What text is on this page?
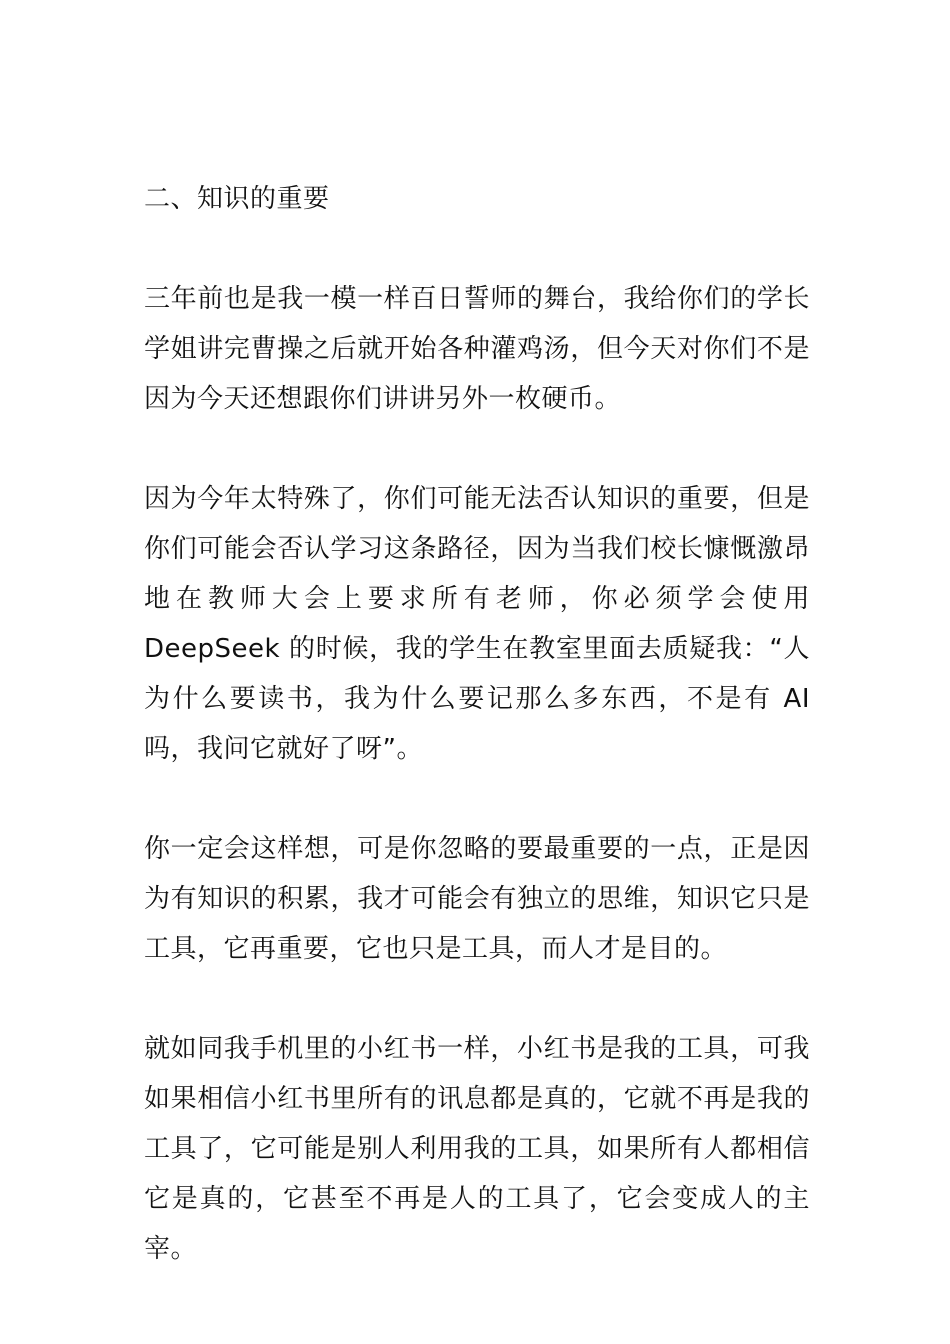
二、知识的重要

三年前也是我一模一样百日誓师的舞台，我给你们的学长学姐讲完曹操之后就开始各种灌鸡汤，但今天对你们不是因为今天还想跟你们讲讲另外一枚硬币。

因为今年太特殊了，你们可能无法否认知识的重要，但是你们可能会否认学习这条路径，因为当我们校长慷慨激昂地在教师大会上要求所有老师，你必须学会使用 DeepSeek 的时候，我的学生在教室里面去质疑我：“人为什么要读书，我为什么要记那么多东西，不是有 AI 吗，我问它就好了呀”。

你一定会这样想，可是你忽略的要最重要的一点，正是因为有知识的积累，我才可能会有独立的思维，知识它只是工具，它再重要，它也只是工具，而人才是目的。

就如同我手机里的小红书一样，小红书是我的工具，可我如果相信小红书里所有的讯息都是真的，它就不再是我的工具了，它可能是别人利用我的工具，如果所有人都相信它是真的，它甚至不再是人的工具了，它会变成人的主宰。
